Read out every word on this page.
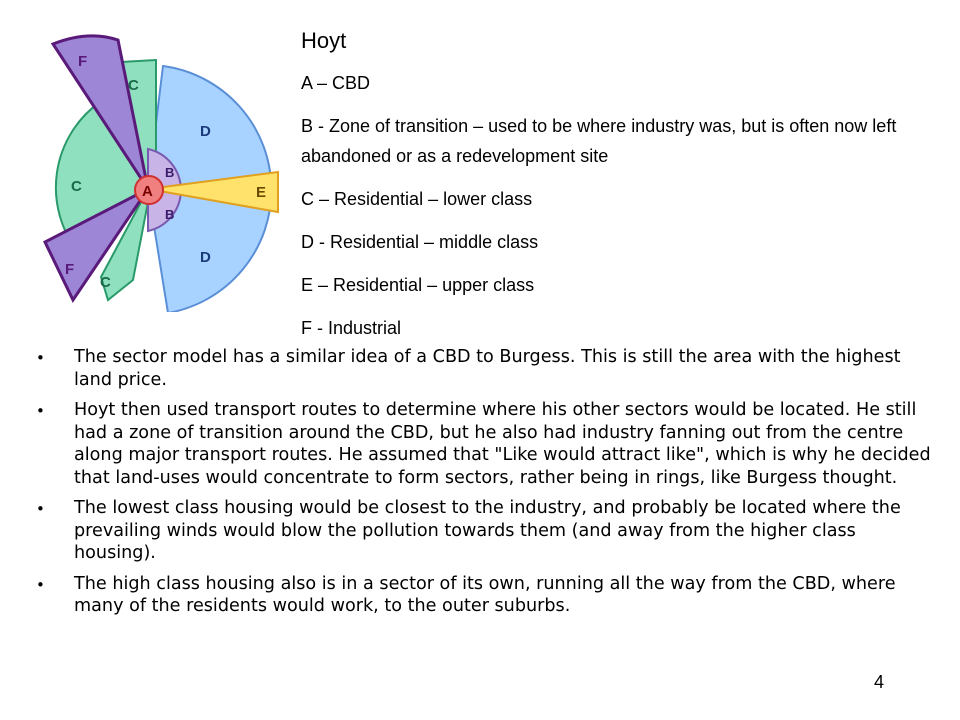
F
C
D
C
B
A
B
E
D
F
C
Hoyt
A – CBD
B - Zone of transition – used to be where industry was, but is often now left abandoned or as a redevelopment site
C – Residential – lower class
D - Residential – middle class
E – Residential – upper class
F - Industrial
• The sector model has a similar idea of a CBD to Burgess. This is still the area with the highest land price.
• Hoyt then used transport routes to determine where his other sectors would be located. He still had a zone of transition around the CBD, but he also had industry fanning out from the centre along major transport routes. He assumed that "Like would attract like", which is why he decided that land-uses would concentrate to form sectors, rather being in rings, like Burgess thought.
• The lowest class housing would be closest to the industry, and probably be located where the prevailing winds would blow the pollution towards them (and away from the higher class housing).
• The high class housing also is in a sector of its own, running all the way from the CBD, where many of the residents would work, to the outer suburbs.
4
